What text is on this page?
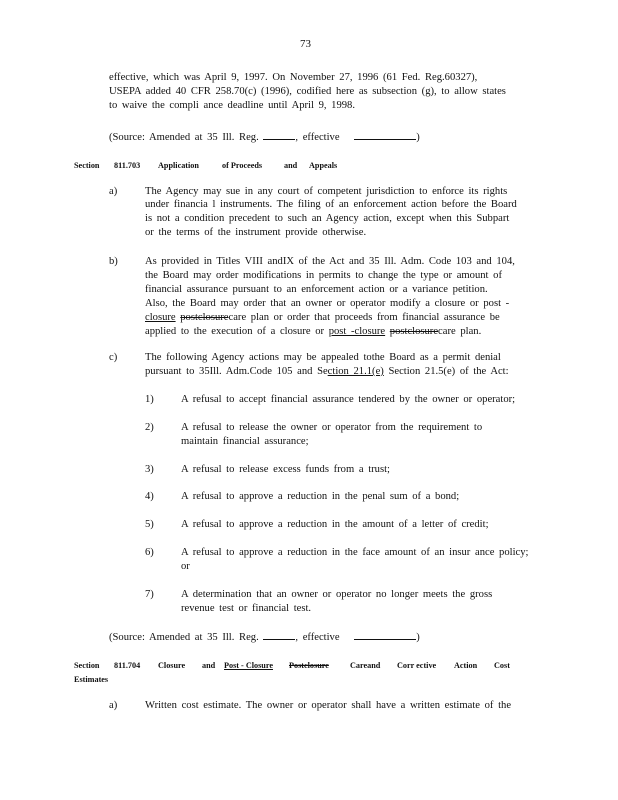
73
effective, which was April 9, 1997. On November 27, 1996 (61 Fed. Reg.60327),
USEPA added 40 CFR 258.70(c) (1996), codified here as subsection (g), to allow states
to waive the compli ance deadline until April 9, 1998.
(Source: Amended at 35 Ill. Reg.	, effective	)
Section 811.703 Application	of Proceeds	and Appeals
a)	The Agency may sue in any court of competent jurisdiction to enforce its rights
under financia l instruments. The filing of an enforcement action before the Board
is not a condition precedent to such an Agency action, except when this Subpart
or the terms of the instrument provide otherwise.
b)	As provided in Titles VIII andIX of the Act and 35 Ill. Adm. Code 103 and 104,
the Board may order modifications in permits to change the type or amount of
financial assurance pursuant to an enforcement action or a variance petition.
Also, the Board may order that an owner or operator modify a closure or post -
closure postclosurecare plan or order that proceeds from financial assurance be
applied to the execution of a closure or post -closure postclosurecare plan.
c)	The following Agency actions may be appealed tothe Board as a permit denial
pursuant to 35Ill. Adm.Code 105 and Section 21.1(e) Section 21.5(e) of the Act:
1)	A refusal to accept financial assurance tendered by the owner or operator;
2)	A refusal to release the owner or operator from the requirement to
maintain financial assurance;
3)	A refusal to release excess funds from a trust;
4)	A refusal to approve a reduction in the penal sum of a bond;
5)	A refusal to approve a reduction in the amount of a letter of credit;
6)	A refusal to approve a reduction in the face amount of an insur ance policy;
or
7)	A determination that an owner or operator no longer meets the gross
revenue test or financial test.
(Source: Amended at 35 Ill. Reg.	, effective	)
Section 811.704 Closure and Post - Closure Postclosure	Careand Corr ective Action Cost
Estimates
a)	Written cost estimate. The owner or operator shall have a written estimate of the
